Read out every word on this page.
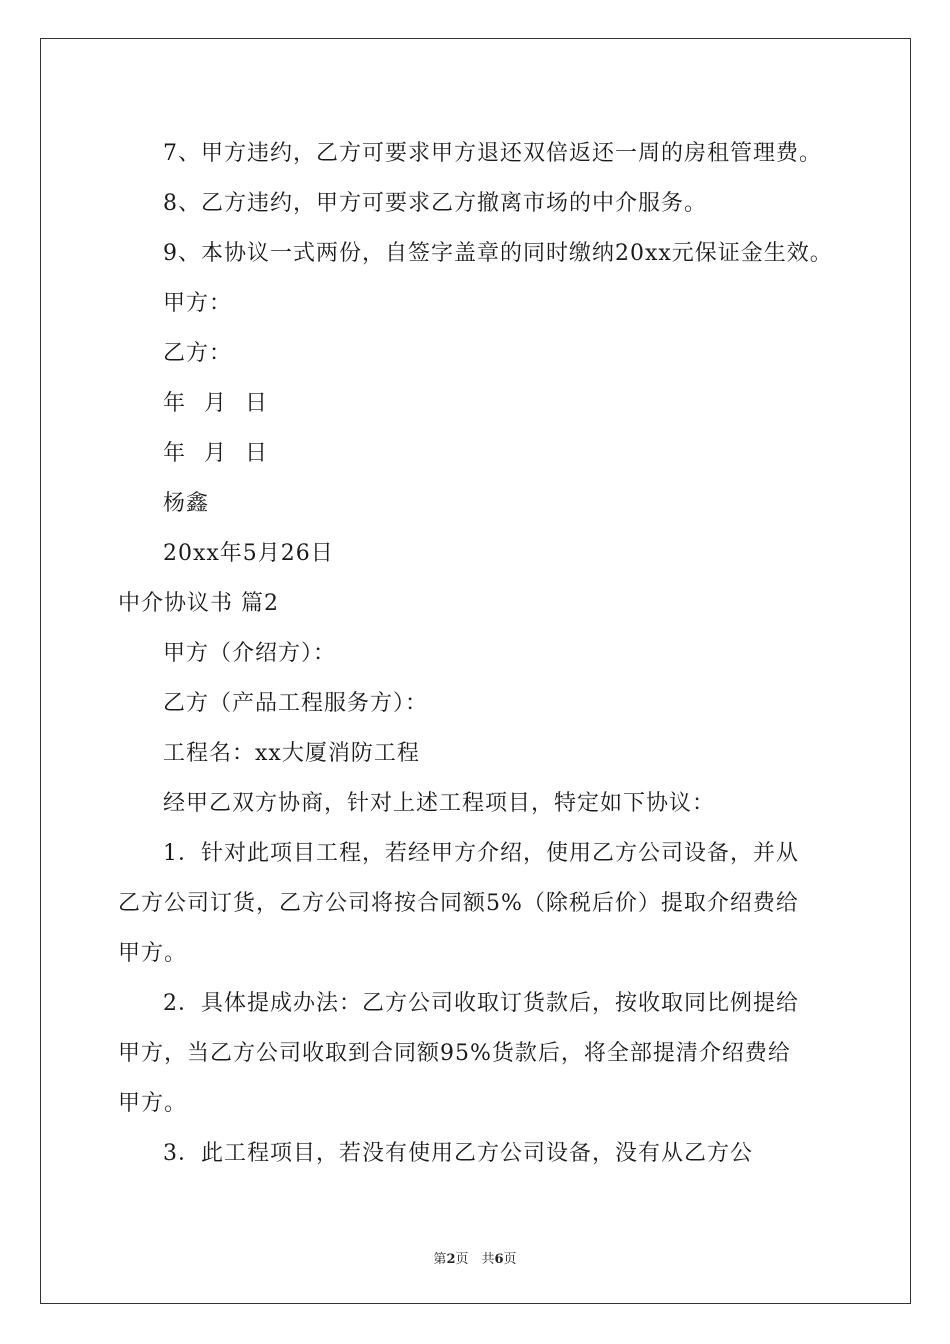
7、甲方违约，乙方可要求甲方退还双倍返还一周的房租管理费。
8、乙方违约，甲方可要求乙方撤离市场的中介服务。
9、本协议一式两份，自签字盖章的同时缴纳20xx元保证金生效。
甲方：
乙方：
年 月 日
年 月 日
杨鑫
20xx年5月26日
中介协议书 篇2
甲方（介绍方）：
乙方（产品工程服务方）：
工程名：xx大厦消防工程
经甲乙双方协商，针对上述工程项目，特定如下协议：
1．针对此项目工程，若经甲方介绍，使用乙方公司设备，并从
乙方公司订货，乙方公司将按合同额5%（除税后价）提取介绍费给
甲方。
2．具体提成办法：乙方公司收取订货款后，按收取同比例提给
甲方，当乙方公司收取到合同额95%货款后，将全部提清介绍费给
甲方。
3．此工程项目，若没有使用乙方公司设备，没有从乙方公
第2页　共6页
